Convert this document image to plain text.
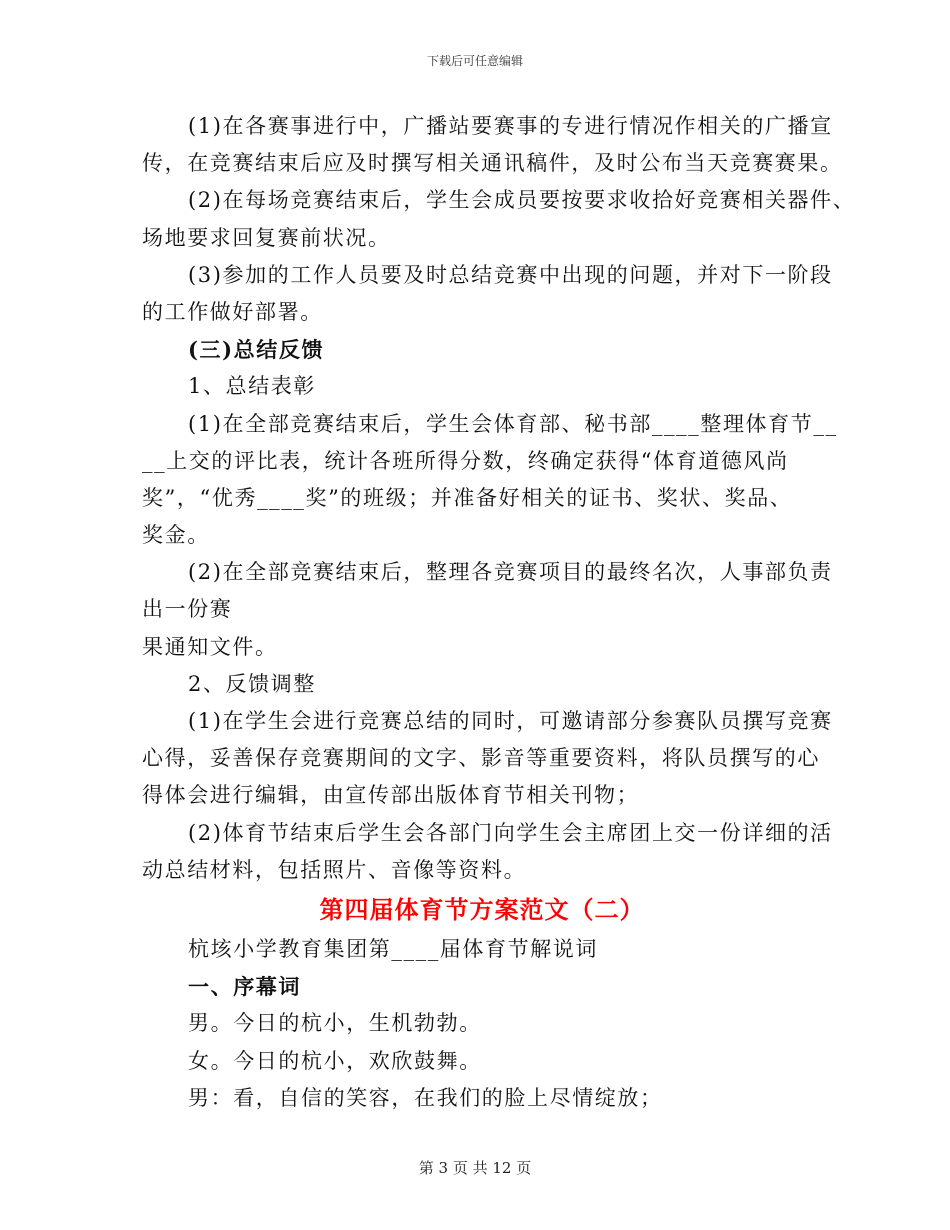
下载后可任意编辑
(1)在各赛事进行中，广播站要赛事的专进行情况作相关的广播宣
传，在竞赛结束后应及时撰写相关通讯稿件，及时公布当天竞赛赛果。
(2)在每场竞赛结束后，学生会成员要按要求收拾好竞赛相关器件、
场地要求回复赛前状况。
(3)参加的工作人员要及时总结竞赛中出现的问题，并对下一阶段
的工作做好部署。
(三)总结反馈
1、总结表彰
(1)在全部竞赛结束后，学生会体育部、秘书部____整理体育节__
__上交的评比表，统计各班所得分数，终确定获得“体育道德风尚
奖”，“优秀____奖”的班级；并准备好相关的证书、奖状、奖品、
奖金。
(2)在全部竞赛结束后，整理各竞赛项目的最终名次，人事部负责
出一份赛
果通知文件。
2、反馈调整
(1)在学生会进行竞赛总结的同时，可邀请部分参赛队员撰写竞赛
心得，妥善保存竞赛期间的文字、影音等重要资料，将队员撰写的心
得体会进行编辑，由宣传部出版体育节相关刊物；
(2)体育节结束后学生会各部门向学生会主席团上交一份详细的活
动总结材料，包括照片、音像等资料。
第四届体育节方案范文（二）
杭垓小学教育集团第____届体育节解说词
一、序幕词
男。今日的杭小，生机勃勃。
女。今日的杭小，欢欣鼓舞。
男：看，自信的笑容，在我们的脸上尽情绽放；
第 3 页 共 12 页
